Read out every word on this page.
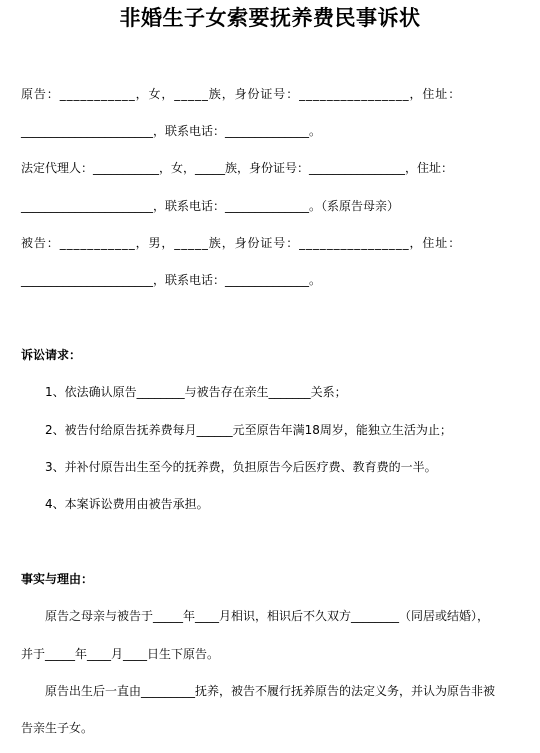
非婚生子女索要抚养费民事诉状
原告：___________，女，_____族，身份证号：________________，住址：
______________________，联系电话：______________。
法定代理人：___________，女，_____族，身份证号：________________，住址：
______________________，联系电话：______________。（系原告母亲）
被告：___________，男，_____族，身份证号：________________，住址：
______________________，联系电话：______________。
诉讼请求：
1、依法确认原告________与被告存在亲生_______关系；
2、被告付给原告抚养费每月______元至原告年满18周岁，能独立生活为止；
3、并补付原告出生至今的抚养费，负担原告今后医疗费、教育费的一半。
4、本案诉讼费用由被告承担。
事实与理由：
原告之母亲与被告于_____年____月相识，相识后不久双方________（同居或结婚），
并于_____年____月____日生下原告。
原告出生后一直由_________抚养，被告不履行抚养原告的法定义务，并认为原告非被
告亲生子女。
